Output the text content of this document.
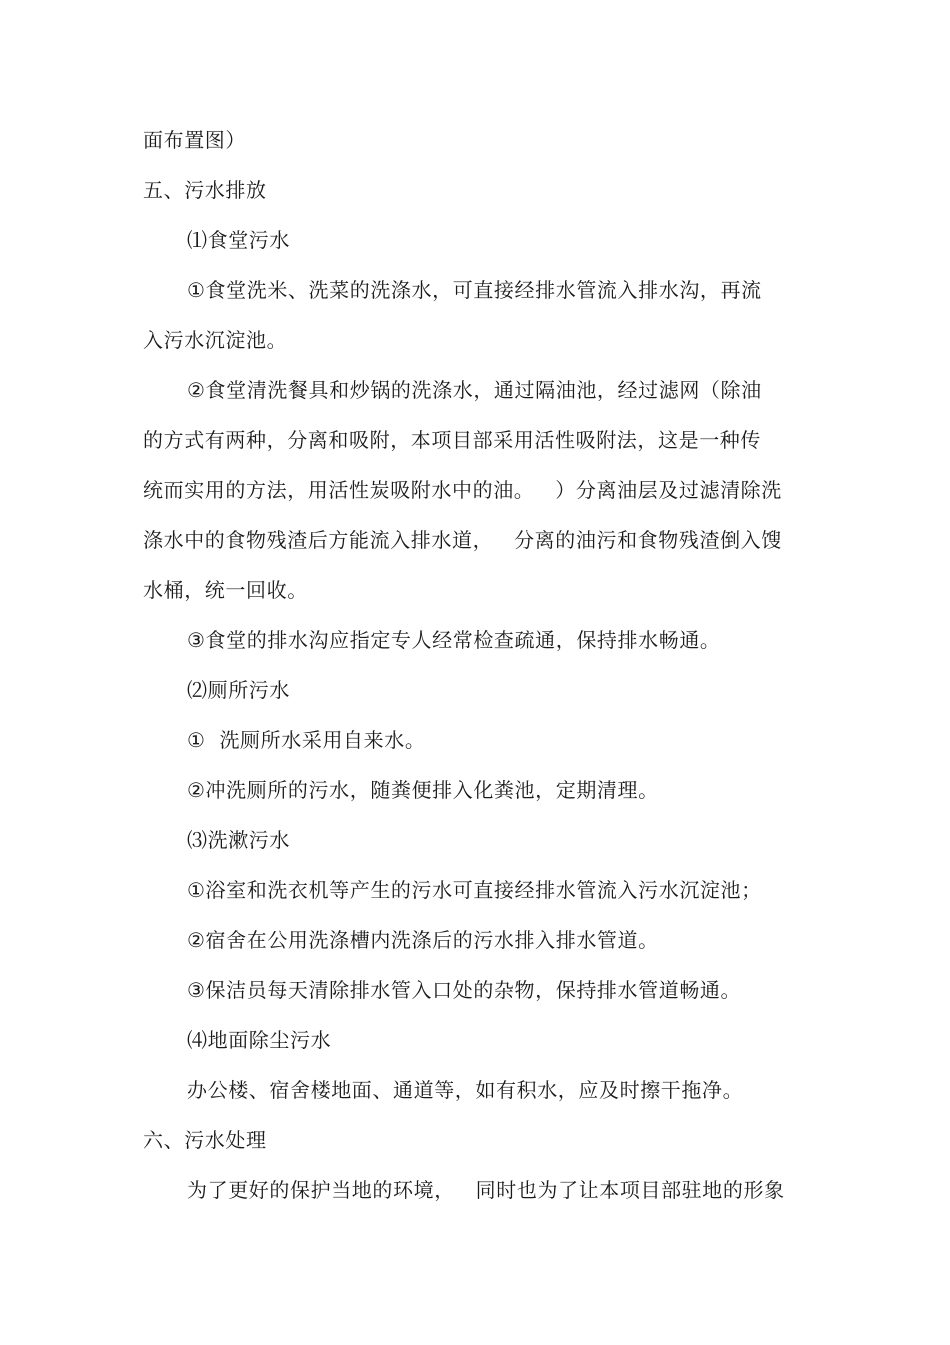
面布置图）
五、污水排放
⑴食堂污水
①食堂洗米、洗菜的洗涤水，可直接经排水管流入排水沟，再流
入污水沉淀池。
②食堂清洗餐具和炒锅的洗涤水，通过隔油池，经过滤网（除油
的方式有两种，分离和吸附，本项目部采用活性吸附法，这是一种传
统而实用的方法，用活性炭吸附水中的油。   ）分离油层及过滤清除洗
涤水中的食物残渣后方能流入排水道，   分离的油污和食物残渣倒入馊
水桶，统一回收。
③食堂的排水沟应指定专人经常检查疏通，保持排水畅通。
⑵厕所污水
①  洗厕所水采用自来水。
②冲洗厕所的污水，随粪便排入化粪池，定期清理。
⑶洗漱污水
①浴室和洗衣机等产生的污水可直接经排水管流入污水沉淀池；
②宿舍在公用洗涤槽内洗涤后的污水排入排水管道。
③保洁员每天清除排水管入口处的杂物，保持排水管道畅通。
⑷地面除尘污水
办公楼、宿舍楼地面、通道等，如有积水，应及时擦干拖净。
六、污水处理
为了更好的保护当地的环境，   同时也为了让本项目部驻地的形象
